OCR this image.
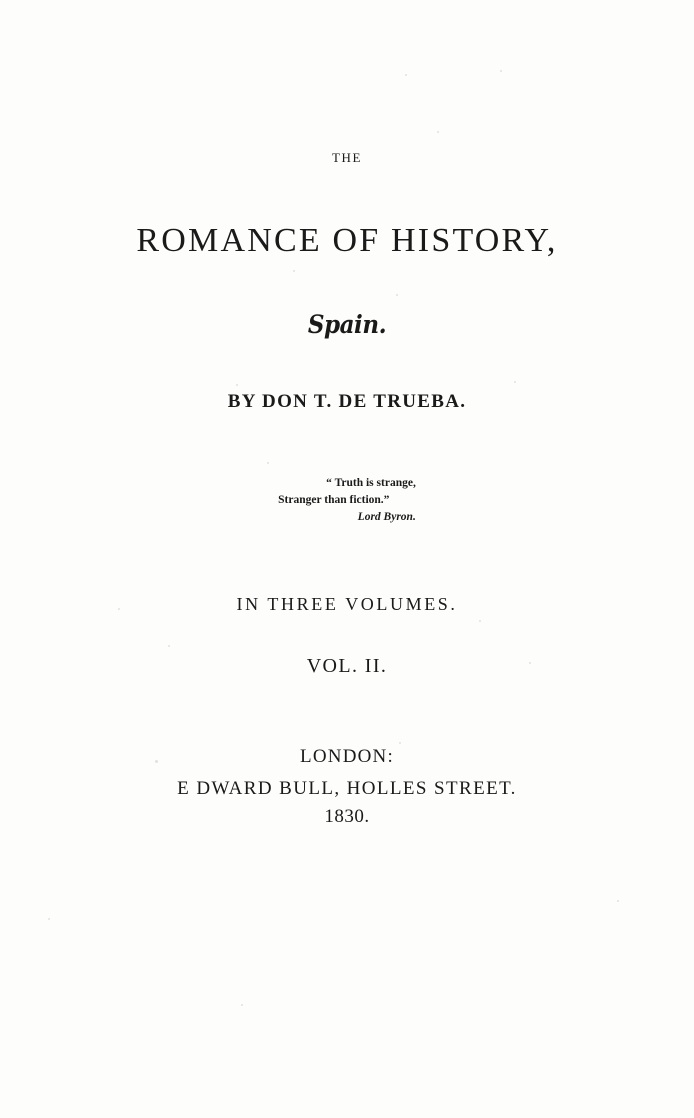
THE
ROMANCE OF HISTORY,
Spain.
BY DON T. DE TRUEBA.
“ Truth is strange,
Stranger than fiction.”
Lord Byron.
IN THREE VOLUMES.
VOL. II.
LONDON:
E DWARD BULL, HOLLES STREET.
1830.
